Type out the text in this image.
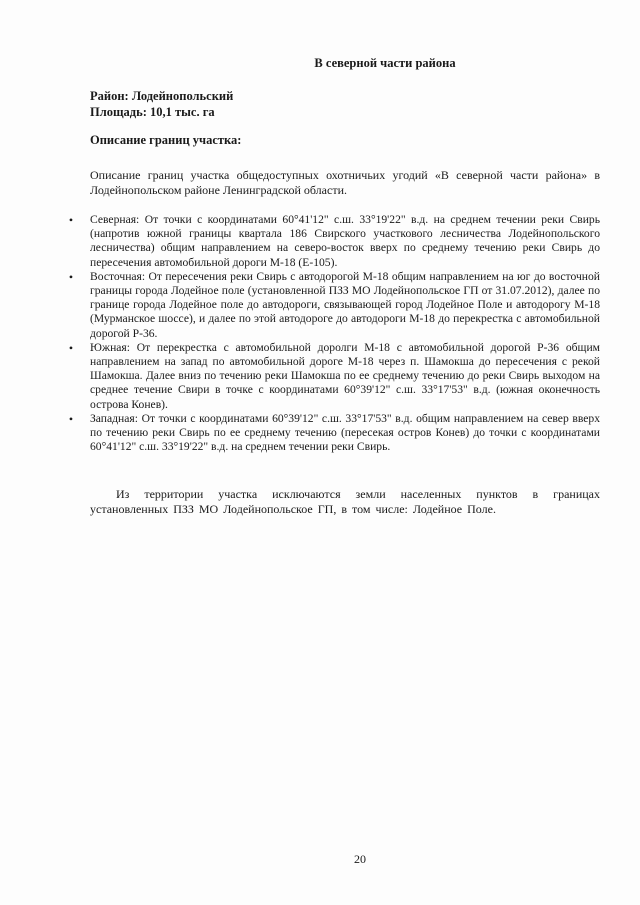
В северной части района
Район: Лодейнопольский
Площадь: 10,1 тыс. га
Описание границ участка:
Описание границ участка общедоступных охотничьих угодий «В северной части района» в Лодейнопольском районе Ленинградской области.
• Северная: От точки с координатами 60°41'12" с.ш. 33°19'22" в.д. на среднем течении реки Свирь (напротив южной границы квартала 186 Свирского участкового лесничества Лодейнопольского лесничества) общим направлением на северо-восток вверх по среднему течению реки Свирь до пересечения автомобильной дороги М-18 (Е-105).
• Восточная: От пересечения реки Свирь с автодорогой М-18 общим направлением на юг до восточной границы города Лодейное поле (установленной ПЗЗ МО Лодейнопольское ГП от 31.07.2012), далее по границе города Лодейное поле до автодороги, связывающей город Лодейное Поле и автодорогу М-18 (Мурманское шоссе), и далее по этой автодороге до автодороги М-18 до перекрестка с автомобильной дорогой Р-36.
• Южная: От перекрестка с автомобильной доролги М-18 с автомобильной дорогой Р-36 общим направлением на запад по автомобильной дороге М-18 через п. Шамокша до пересечения с рекой Шамокша. Далее вниз по течению реки Шамокша по ее среднему течению до реки Свирь выходом на среднее течение Свири в точке с координатами 60°39'12" с.ш. 33°17'53" в.д. (южная оконечность острова Конев).
• Западная: От точки с координатами 60°39'12" с.ш. 33°17'53" в.д. общим направлением на север вверх по течению реки Свирь по ее среднему течению (пересекая остров Конев) до точки с координатами 60°41'12" с.ш. 33°19'22" в.д. на среднем течении реки Свирь.
Из территории участка исключаются земли населенных пунктов в границах установленных ПЗЗ МО Лодейнопольское ГП, в том числе: Лодейное Поле.
20
